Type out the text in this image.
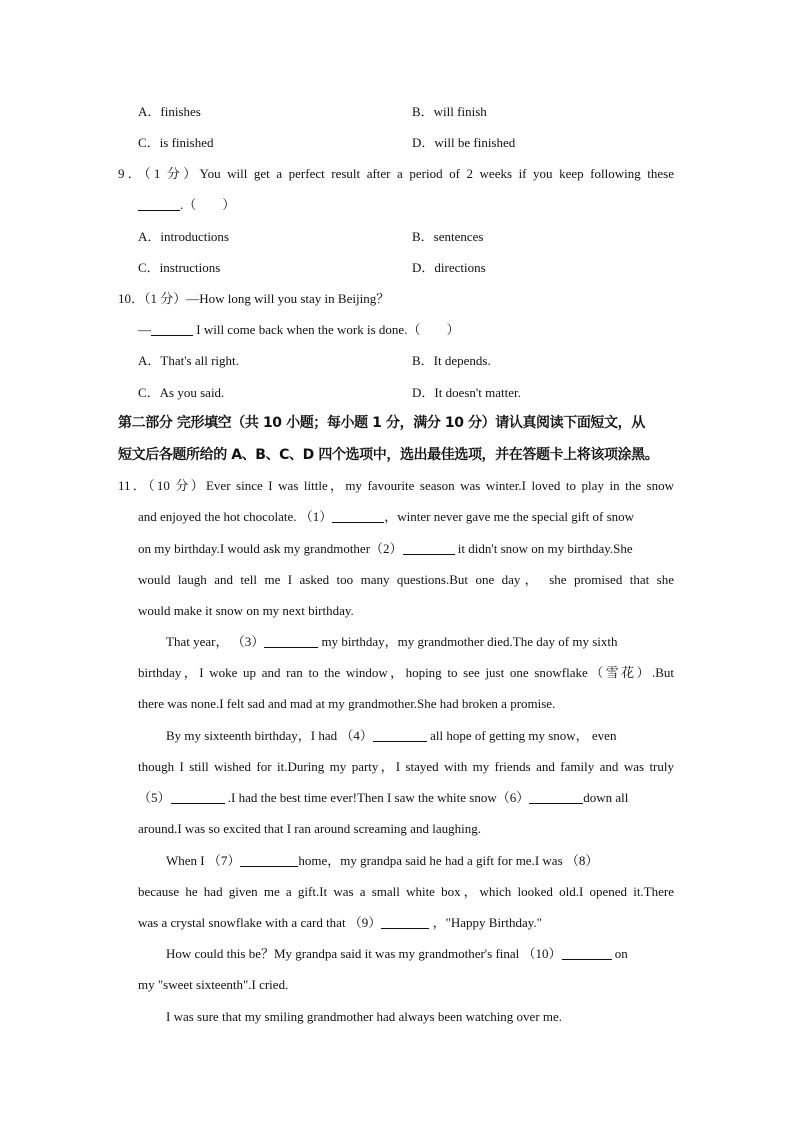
A．finishes	B．will finish
C．is finished	D．will be finished
9．（1 分）You will get a perfect result after a period of 2 weeks if you keep following these
.（　　）
A．introductions	B．sentences
C．instructions	D．directions
10．（1 分）—How long will you stay in Beijing？
—	I will come back when the work is done.（　　）
A．That's all right.	B．It depends.
C．As you said.	D．It doesn't matter.
第二部分 完形填空（共 10 小题；每小题 1 分，满分 10 分）请认真阅读下面短文，从
短文后各题所给的 A、B、C、D 四个选项中，选出最佳选项，并在答题卡上将该项涂黑。
11．（10 分）Ever since I was little，my favourite season was winter.I loved to play in the snow
and enjoyed the hot chocolate. （1）	，winter never gave me the special gift of snow
on my birthday.I would ask my grandmother（2）	it didn't snow on my birthday.She
would laugh and tell me I asked too many questions.But one day， she promised that she
would make it snow on my next birthday.
That year， （3）	my birthday，my grandmother died.The day of my sixth
birthday，I woke up and ran to the window，hoping to see just one snowflake（雪花）.But
there was none.I felt sad and mad at my grandmother.She had broken a promise.
By my sixteenth birthday，I had （4）	all hope of getting my snow， even
though I still wished for it.During my party，I stayed with my friends and family and was truly
（5）	.I had the best time ever!Then I saw the white snow（6）	down all
around.I was so excited that I ran around screaming and laughing.
When I （7）	home，my grandpa said he had a gift for me.I was （8）
because he had given me a gift.It was a small white box，which looked old.I opened it.There
was a crystal snowflake with a card that （9）	，"Happy Birthday."
How could this be？My grandpa said it was my grandmother's final （10）	on
my "sweet sixteenth".I cried.
I was sure that my smiling grandmother had always been watching over me.
